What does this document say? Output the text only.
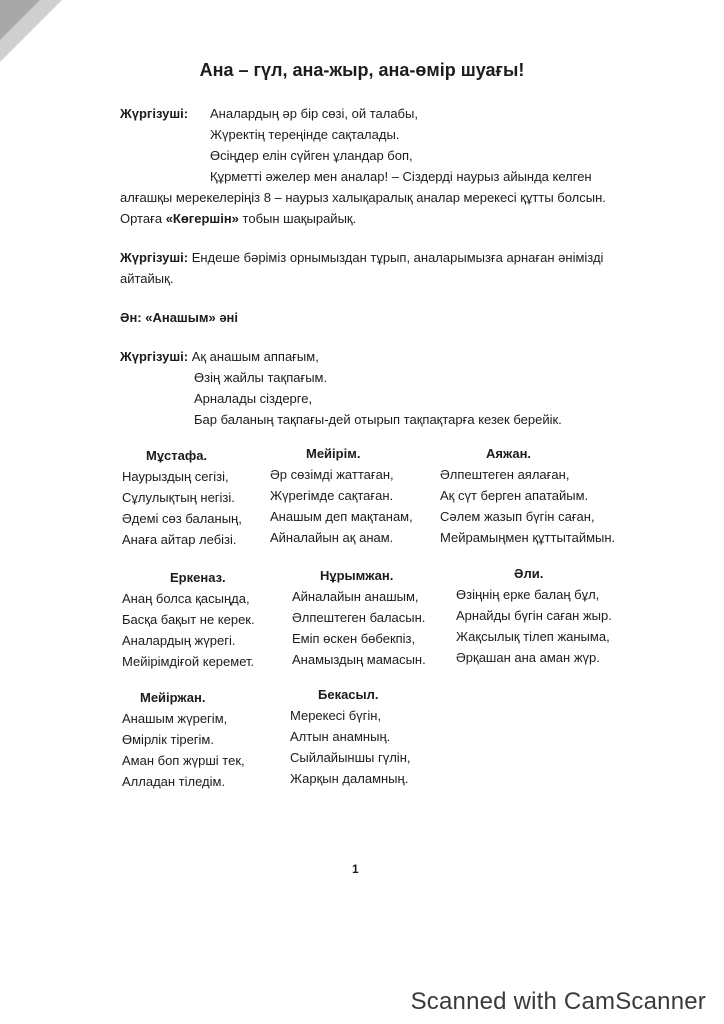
Ана – гүл, ана-жыр, ана-өмір шуағы!
Жүргізуші: Аналардың әр бір сөзі, ой талабы,
Жүректің тереңінде сақталады.
Өсіңдер елін сүйген ұландар боп,
Құрметті әжелер мен аналар! – Сіздерді наурыз айында келген
алғашқы мерекелеріңіз 8 – наурыз халықаралық аналар мерекесі құтты болсын.
Ортаға «Көгершін» тобын шақырайық.
Жүргізуші: Ендеше бәріміз орнымыздан тұрып, аналарымызға арнаған әнімізді
айтайық.
Ән: «Анашым» әні
Жүргізуші: Ақ анашым аппағым,
Өзің жайлы тақпағым.
Арналады сіздерге,
Бар баланың тақпағы-дей отырып тақпақтарға кезек берейік.
Мұстафа.
Наурыздың сегізі,
Сұлулықтың негізі.
Әдемі сөз баланың,
Анаға айтар лебізі.
Мейірім.
Әр сөзімді жаттаған,
Жүрегімде сақтаған.
Анашым деп мақтанам,
Айналайын ақ анам.
Аяжан.
Әлпештеген аялаған,
Ақ сүт берген апатайым.
Сәлем жазып бүгін саған,
Мейрамыңмен құттытаймын.
Еркеназ.
Анаң болса қасыңда,
Басқа бақыт не керек.
Аналардың жүрегі.
Мейірімдіғой керемет.
Нұрымжан.
Айналайын анашым,
Әлпештеген баласын.
Еміп өскен бөбекпіз,
Анамыздың мамасын.
Әли.
Өзіңнің ерке балаң бұл,
Арнайды бүгін саған жыр.
Жақсылық тілеп жаныма,
Әрқашан ана аман жүр.
Мейіржан.
Анашым жүрегім,
Өмірлік тірегім.
Аман боп жүрші тек,
Алладан тіледім.
Бекасыл.
Мерекесі бүгін,
Алтын анамның.
Сыйлайыншы гүлін,
Жарқын даламның.
1
Scanned with CamScanner
